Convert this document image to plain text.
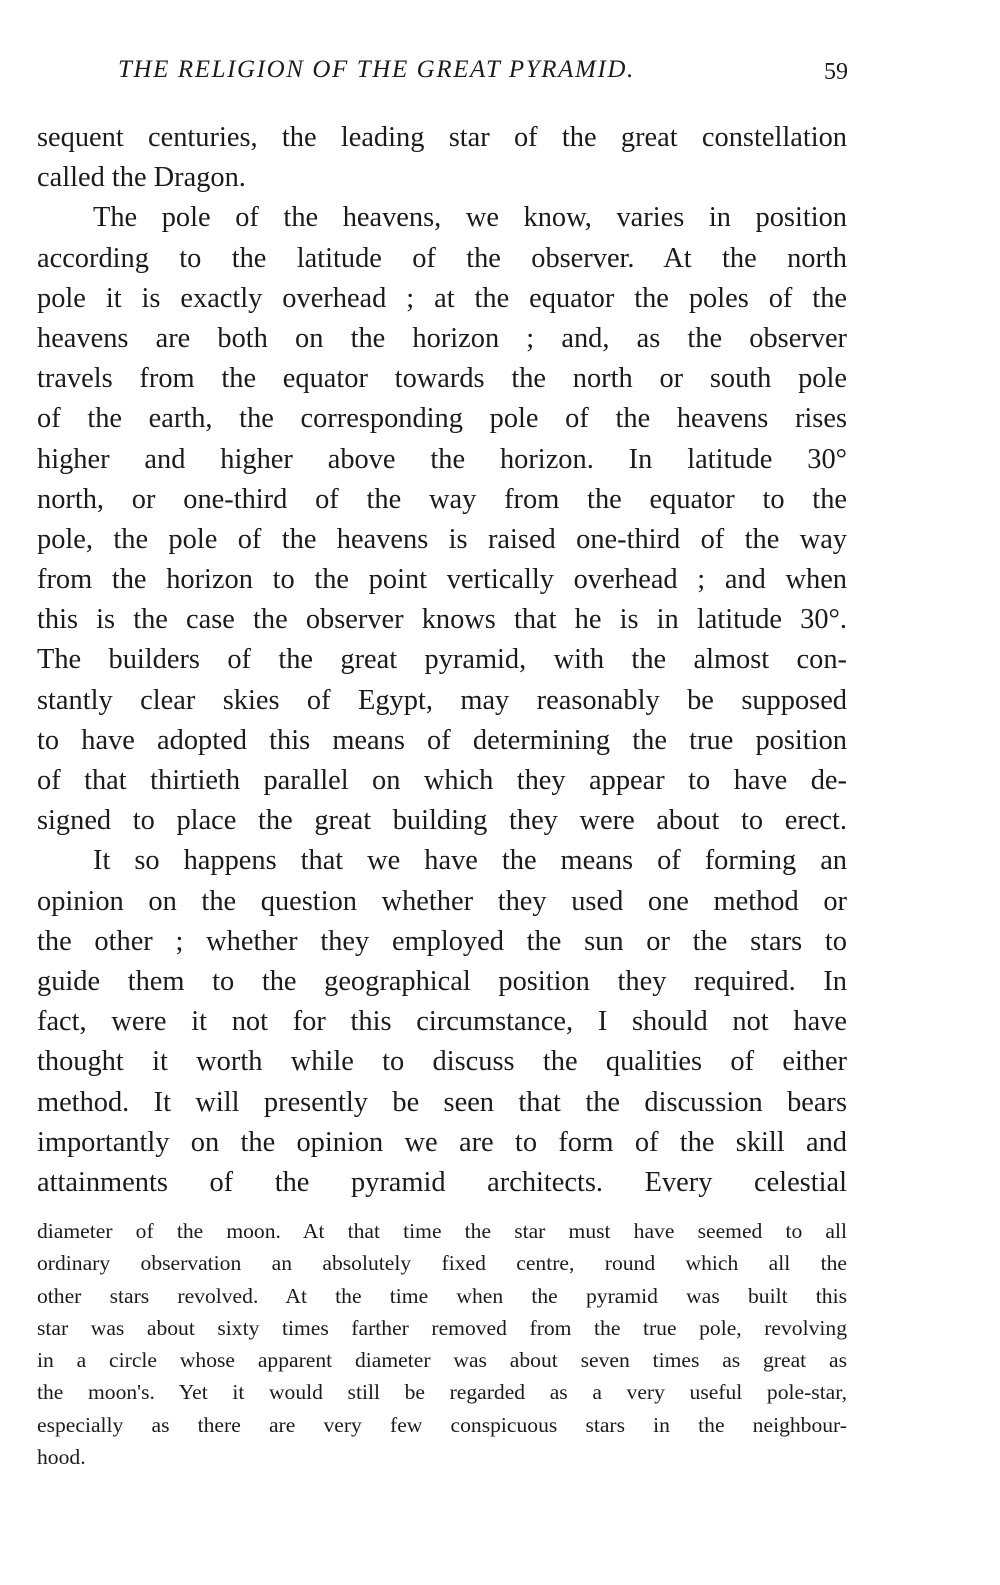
THE RELIGION OF THE GREAT PYRAMID.	59
sequent centuries, the leading star of the great constellation
called the Dragon.
The pole of the heavens, we know, varies in position
according to the latitude of the observer. At the north
pole it is exactly overhead ; at the equator the poles of the
heavens are both on the horizon ; and, as the observer
travels from the equator towards the north or south pole
of the earth, the corresponding pole of the heavens rises
higher and higher above the horizon. In latitude 30°
north, or one-third of the way from the equator to the
pole, the pole of the heavens is raised one-third of the way
from the horizon to the point vertically overhead ; and when
this is the case the observer knows that he is in latitude 30°.
The builders of the great pyramid, with the almost con-
stantly clear skies of Egypt, may reasonably be supposed
to have adopted this means of determining the true position
of that thirtieth parallel on which they appear to have de-
signed to place the great building they were about to erect.
It so happens that we have the means of forming an
opinion on the question whether they used one method or
the other ; whether they employed the sun or the stars to
guide them to the geographical position they required. In
fact, were it not for this circumstance, I should not have
thought it worth while to discuss the qualities of either
method. It will presently be seen that the discussion bears
importantly on the opinion we are to form of the skill and
attainments of the pyramid architects. Every celestial
diameter of the moon. At that time the star must have seemed to all
ordinary observation an absolutely fixed centre, round which all the
other stars revolved. At the time when the pyramid was built this
star was about sixty times farther removed from the true pole, revolving
in a circle whose apparent diameter was about seven times as great as
the moon's. Yet it would still be regarded as a very useful pole-star,
especially as there are very few conspicuous stars in the neighbour-
hood.
